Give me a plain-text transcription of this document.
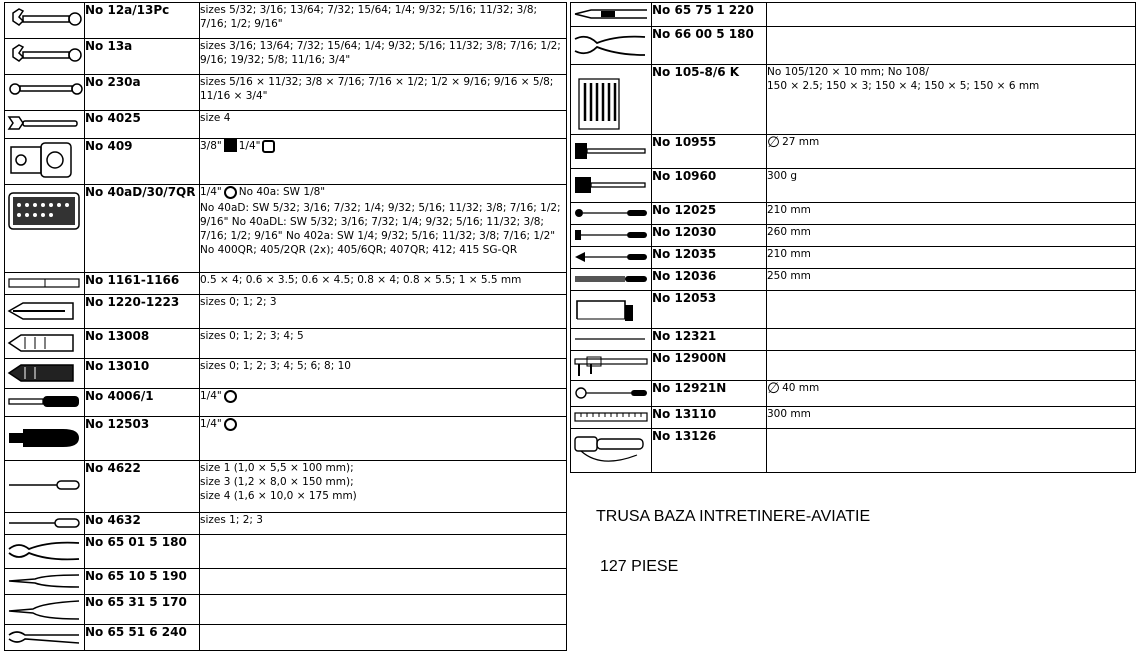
	No 12a/13Pc	sizes 5/32; 3/16; 13/64; 7/32; 15/64; 1/4; 9/32; 5/16; 11/32; 3/8; 7/16; 1/2; 9/16"

	No 13a	sizes 3/16; 13/64; 7/32; 15/64; 1/4; 9/32; 5/16; 11/32; 3/8; 7/16; 1/2; 9/16; 19/32; 5/8; 11/16; 3/4"

	No 230a	sizes 5/16 × 11/32; 3/8 × 7/16; 7/16 × 1/2; 1/2 × 9/16; 9/16 × 5/8; 11/16 × 3/4"

	No 4025	size 4

	No 409	3/8" 1/4"

	No 40aD/30/7QR	1/4" No 40a: SW 1/8"
No 40aD: SW 5/32; 3/16; 7/32; 1/4; 9/32; 5/16; 11/32; 3/8; 7/16; 1/2; 9/16" No 40aDL: SW 5/32; 3/16; 7/32; 1/4; 9/32; 5/16; 11/32; 3/8; 7/16; 1/2; 9/16" No 402a: SW 1/4; 9/32; 5/16; 11/32; 3/8; 7/16; 1/2" No 400QR; 405/2QR (2x); 405/6QR; 407QR; 412; 415 SG-QR

	No 1161-1166	0.5 × 4; 0.6 × 3.5; 0.6 × 4.5; 0.8 × 4; 0.8 × 5.5; 1 × 5.5 mm

	No 1220-1223	sizes 0; 1; 2; 3

	No 13008	sizes 0; 1; 2; 3; 4; 5

	No 13010	sizes 0; 1; 2; 3; 4; 5; 6; 8; 10

	No 4006/1	1/4"

	No 12503	1/4"

	No 4622	size 1 (1,0 × 5,5 × 100 mm);
size 3 (1,2 × 8,0 × 150 mm);
size 4 (1,6 × 10,0 × 175 mm)

	No 4632	sizes 1; 2; 3

	No 65 01 5 180	

	No 65 10 5 190	

	No 65 31 5 170	

	No 65 51 6 240	
	No 65 75 1 220	

	No 66 00 5 180	

	No 105-8/6 K	No 105/120 × 10 mm; No 108/
150 × 2.5; 150 × 3; 150 × 4; 150 × 5; 150 × 6 mm

	No 10955	∅ 27 mm

	No 10960	300 g

	No 12025	210 mm

	No 12030	260 mm

	No 12035	210 mm

	No 12036	250 mm

	No 12053	

	No 12321	

	No 12900N	

	No 12921N	∅ 40 mm

	No 13110	300 mm

	No 13126	
TRUSA BAZA INTRETINERE-AVIATIE
127 PIESE
